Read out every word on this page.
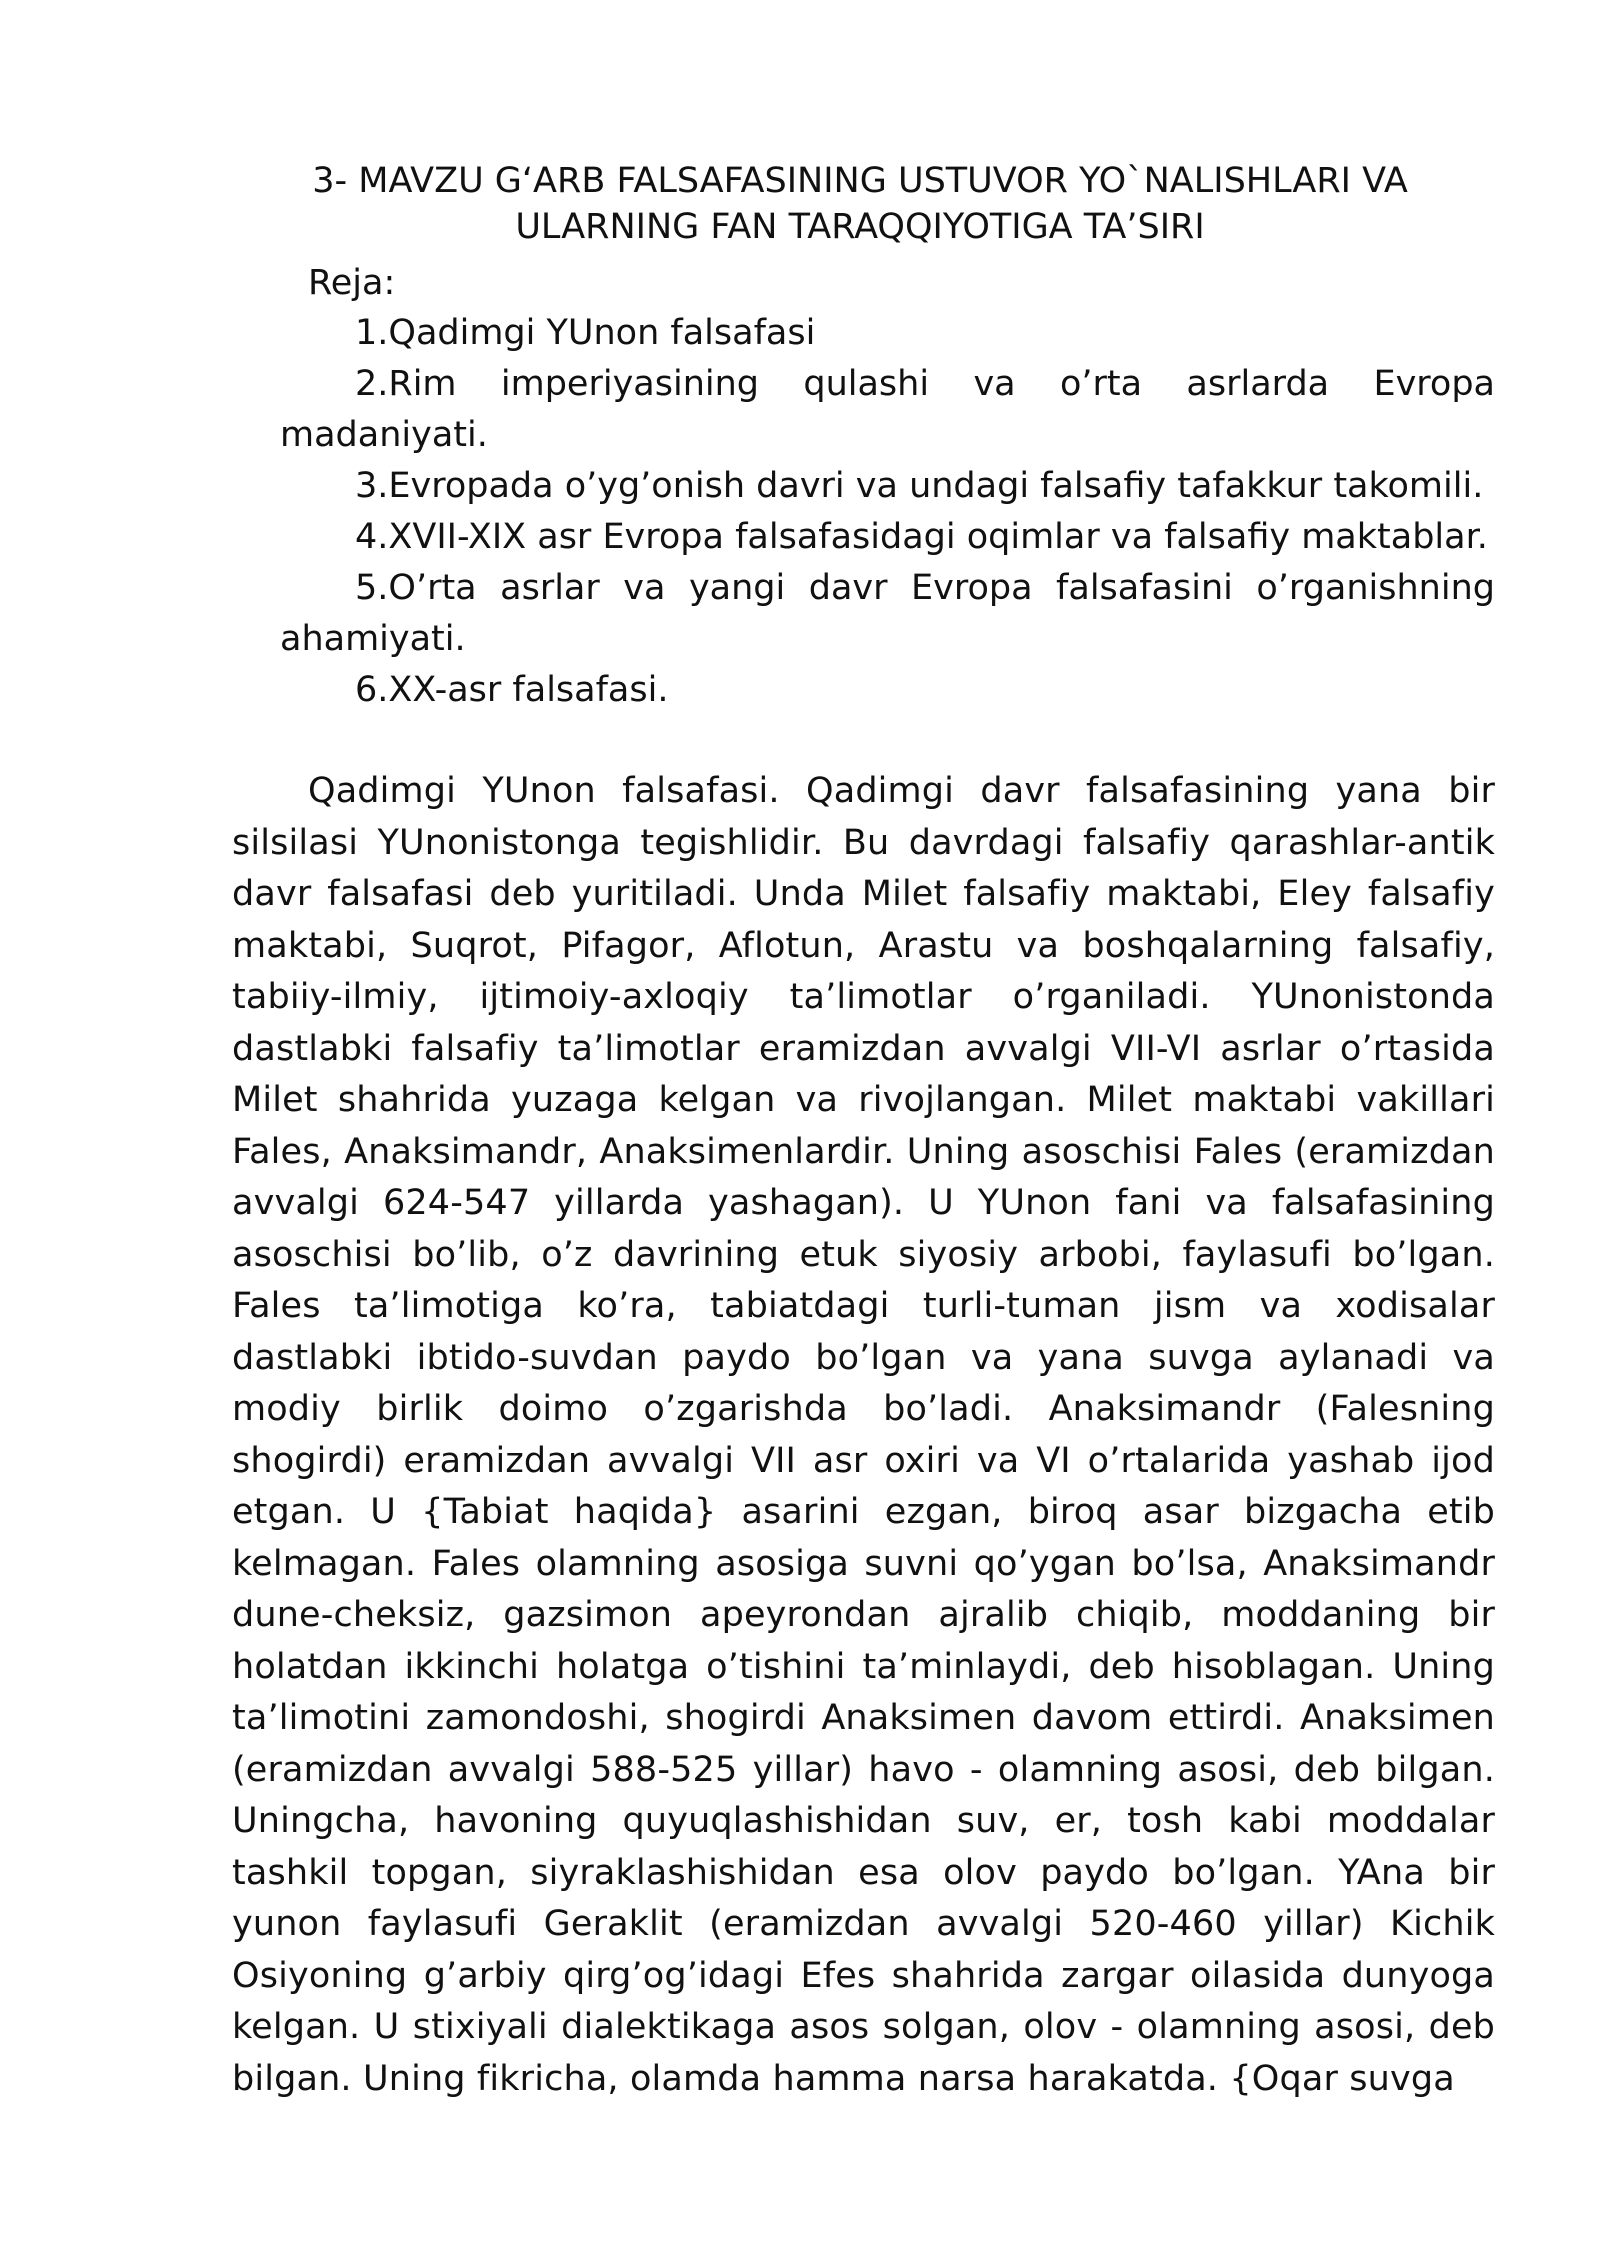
3- MAVZU G‘ARB FALSAFASINING USTUVOR YO`NALISHLARI VA
ULARNING FAN TARAQQIYOTIGA TA’SIRI
Reja:
1.Qadimgi YUnon falsafasi
2.Rim imperiyasining qulashi va o’rta asrlarda Evropa madaniyati.
3.Evropada o’yg’onish davri va undagi falsafiy tafakkur takomili.
4.XVII-XIX asr Evropa falsafasidagi oqimlar va falsafiy maktablar.
5.O’rta asrlar va yangi davr Evropa falsafasini o’rganishning ahamiyati.
6.XX-asr falsafasi.

Qadimgi YUnon falsafasi. Qadimgi davr falsafasining yana bir silsilasi YUnonistonga tegishlidir. Bu davrdagi falsafiy qarashlar-antik davr falsafasi deb yuritiladi. Unda Milet falsafiy maktabi, Eley falsafiy maktabi, Suqrot, Pifagor, Aflotun, Arastu va boshqalarning falsafiy, tabiiy-ilmiy, ijtimoiy-axloqiy ta’limotlar o’rganiladi. YUnonistonda dastlabki falsafiy ta’limotlar eramizdan avvalgi VII-VI asrlar o’rtasida Milet shahrida yuzaga kelgan va rivojlangan. Milet maktabi vakillari Fales, Anaksimandr, Anaksimenlardir. Uning asoschisi Fales (eramizdan avvalgi 624-547 yillarda yashagan). U YUnon fani va falsafasining asoschisi bo’lib, o’z davrining etuk siyosiy arbobi, faylasufi bo’lgan. Fales ta’limotiga ko’ra, tabiatdagi turli-tuman jism va xodisalar dastlabki ibtido-suvdan paydo bo’lgan va yana suvga aylanadi va modiy birlik doimo o’zgarishda bo’ladi. Anaksimandr (Falesning shogirdi) eramizdan avvalgi VII asr oxiri va VI o’rtalarida yashab ijod etgan. U {Tabiat haqida} asarini ezgan, biroq asar bizgacha etib kelmagan. Fales olamning asosiga suvni qo’ygan bo’lsa, Anaksimandr dune-cheksiz, gazsimon apeyrondan ajralib chiqib, moddaning bir holatdan ikkinchi holatga o’tishini ta’minlaydi, deb hisoblagan. Uning ta’limotini zamondoshi, shogirdi Anaksimen davom ettirdi. Anaksimen (eramizdan avvalgi 588-525 yillar) havo - olamning asosi, deb bilgan. Uningcha, havoning quyuqlashishidan suv, er, tosh kabi moddalar tashkil topgan, siyraklashishidan esa olov paydo bo’lgan. YAna bir yunon faylasufi Geraklit (eramizdan avvalgi 520-460 yillar) Kichik Osiyoning g’arbiy qirg’og’idagi Efes shahrida zargar oilasida dunyoga kelgan. U stixiyali dialektikaga asos solgan, olov - olamning asosi, deb bilgan. Uning fikricha, olamda hamma narsa harakatda. {Oqar suvga
